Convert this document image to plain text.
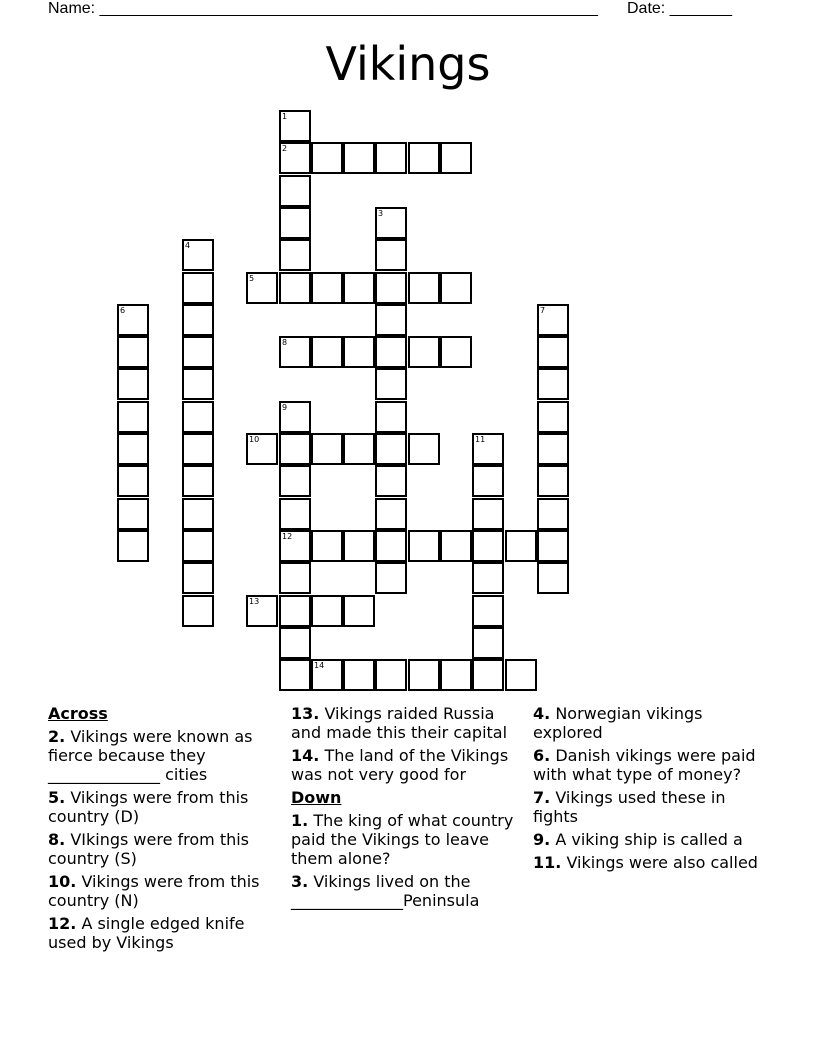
Name: ________________________________________________________ Date: _______
Vikings
1
2
3
4
5
6	7
8
9
12
10	11
13
14
Across
2. Vikings were known as fierce because they ______________ cities
5. Vikings were from this country (D)
8. VIkings were from this country (S)
10. Vikings were from this country (N)
12. A single edged knife used by Vikings
13. Vikings raided Russia and made this their capital
14. The land of the Vikings was not very good for
Down
1. The king of what country paid the Vikings to leave them alone?
3. Vikings lived on the ______________Peninsula
4. Norwegian vikings explored
6. Danish vikings were paid with what type of money?
7. Vikings used these in fights
9. A viking ship is called a
11. Vikings were also called
